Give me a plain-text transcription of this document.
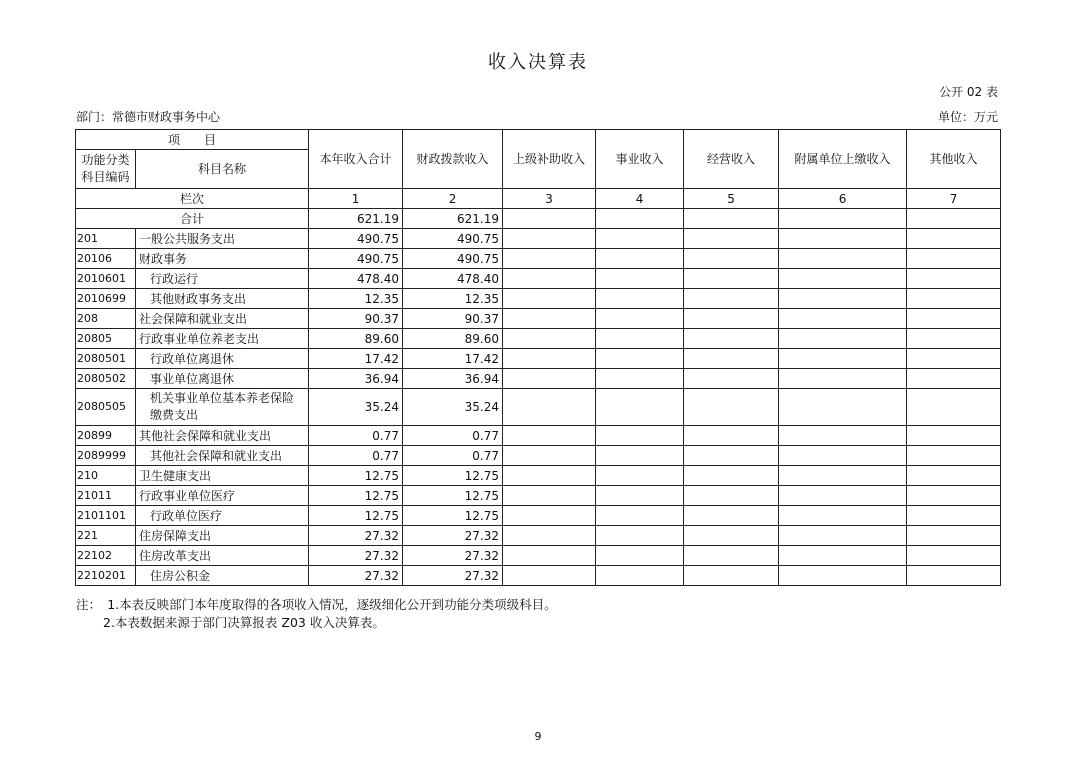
收入决算表
公开 02 表
部门：常德市财政事务中心	单位：万元
项　　目		本年收入合计	财政拨款收入	上级补助收入	事业收入	经营收入	附属单位上缴收入	其他收入

功能分类
科目编码	科目名称							
栏次		1	2	3	4	5	6	7
合计		621.19	621.19					
201	一般公共服务支出	490.75	490.75					
20106	财政事务	490.75	490.75					
2010601	行政运行	478.40	478.40					
2010699	其他财政事务支出	12.35	12.35					
208	社会保障和就业支出	90.37	90.37					
20805	行政事业单位养老支出	89.60	89.60					
2080501	行政单位离退休	17.42	17.42					
2080502	事业单位离退休	36.94	36.94					
2080505	机关事业单位基本养老保险缴费支出	35.24	35.24					
20899	其他社会保障和就业支出	0.77	0.77					
2089999	其他社会保障和就业支出	0.77	0.77					
210	卫生健康支出	12.75	12.75					
21011	行政事业单位医疗	12.75	12.75					
2101101	行政单位医疗	12.75	12.75					
221	住房保障支出	27.32	27.32					
22102	住房改革支出	27.32	27.32					
2210201	住房公积金	27.32	27.32					
注：　1.本表反映部门本年度取得的各项收入情况，逐级细化公开到功能分类项级科目。
2.本表数据来源于部门决算报表 Z03 收入决算表。
9
